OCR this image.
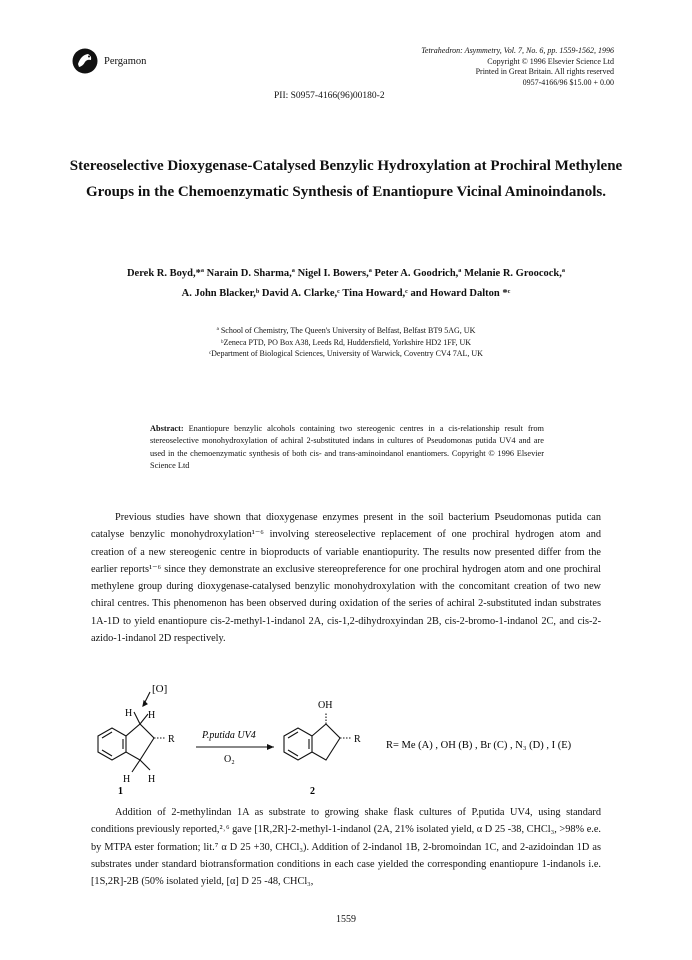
Pergamon
Tetrahedron: Asymmetry, Vol. 7, No. 6, pp. 1559-1562, 1996
Copyright © 1996 Elsevier Science Ltd
Printed in Great Britain. All rights reserved
0957-4166/96 $15.00 + 0.00
PII: S0957-4166(96)00180-2
Stereoselective Dioxygenase-Catalysed Benzylic Hydroxylation at Prochiral Methylene Groups in the Chemoenzymatic Synthesis of Enantiopure Vicinal Aminoindanols.
Derek R. Boyd,*ª Narain D. Sharma,ª Nigel I. Bowers,ª Peter A. Goodrich,ª Melanie R. Groocock,ª
A. John Blacker,ᵇ David A. Clarke,ᶜ Tina Howard,ᶜ and Howard Dalton *ᶜ
ª School of Chemistry, The Queen's University of Belfast, Belfast BT9 5AG, UK
ᵇZeneca PTD, PO Box A38, Leeds Rd, Huddersfield, Yorkshire HD2 1FF, UK
ᶜDepartment of Biological Sciences, University of Warwick, Coventry CV4 7AL, UK
Abstract: Enantiopure benzylic alcohols containing two stereogenic centres in a cis-relationship result from stereoselective monohydroxylation of achiral 2-substituted indans in cultures of Pseudomonas putida UV4 and are used in the chemoenzymatic synthesis of both cis- and trans-aminoindanol enantiomers. Copyright © 1996 Elsevier Science Ltd
Previous studies have shown that dioxygenase enzymes present in the soil bacterium Pseudomonas putida can catalyse benzylic monohydroxylation¹⁻⁶ involving stereoselective replacement of one prochiral hydrogen atom and creation of a new stereogenic centre in bioproducts of variable enantiopurity. The results now presented differ from the earlier reports¹⁻⁶ since they demonstrate an exclusive stereopreference for one prochiral hydrogen atom and one prochiral methylene group during dioxygenase-catalysed benzylic monohydroxylation with the concomitant creation of two new chiral centres. This phenomenon has been observed during oxidation of the series of achiral 2-substituted indan substrates 1A-1D to yield enantiopure cis-2-methyl-1-indanol 2A, cis-1,2-dihydroxyindan 2B, cis-2-bromo-1-indanol 2C, and cis-2-azido-1-indanol 2D respectively.
[O]
H H
H H
R
1
P.putida UV4
O₂
OH
R
2
R= Me (A) , OH (B) , Br (C) , N₃ (D) , I (E)
Addition of 2-methylindan 1A as substrate to growing shake flask cultures of P.putida UV4, using standard conditions previously reported,²˒⁶ gave [1R,2R]-2-methyl-1-indanol (2A, 21% isolated yield, α D 25 -38, CHCl₃, >98% e.e. by MTPA ester formation; lit.⁷ α D 25 +30, CHCl₃). Addition of 2-indanol 1B, 2-bromoindan 1C, and 2-azidoindan 1D as substrates under standard biotransformation conditions in each case yielded the corresponding enantiopure 1-indanols i.e. [1S,2R]-2B (50% isolated yield, [α] D 25 -48, CHCl₃,
1559
